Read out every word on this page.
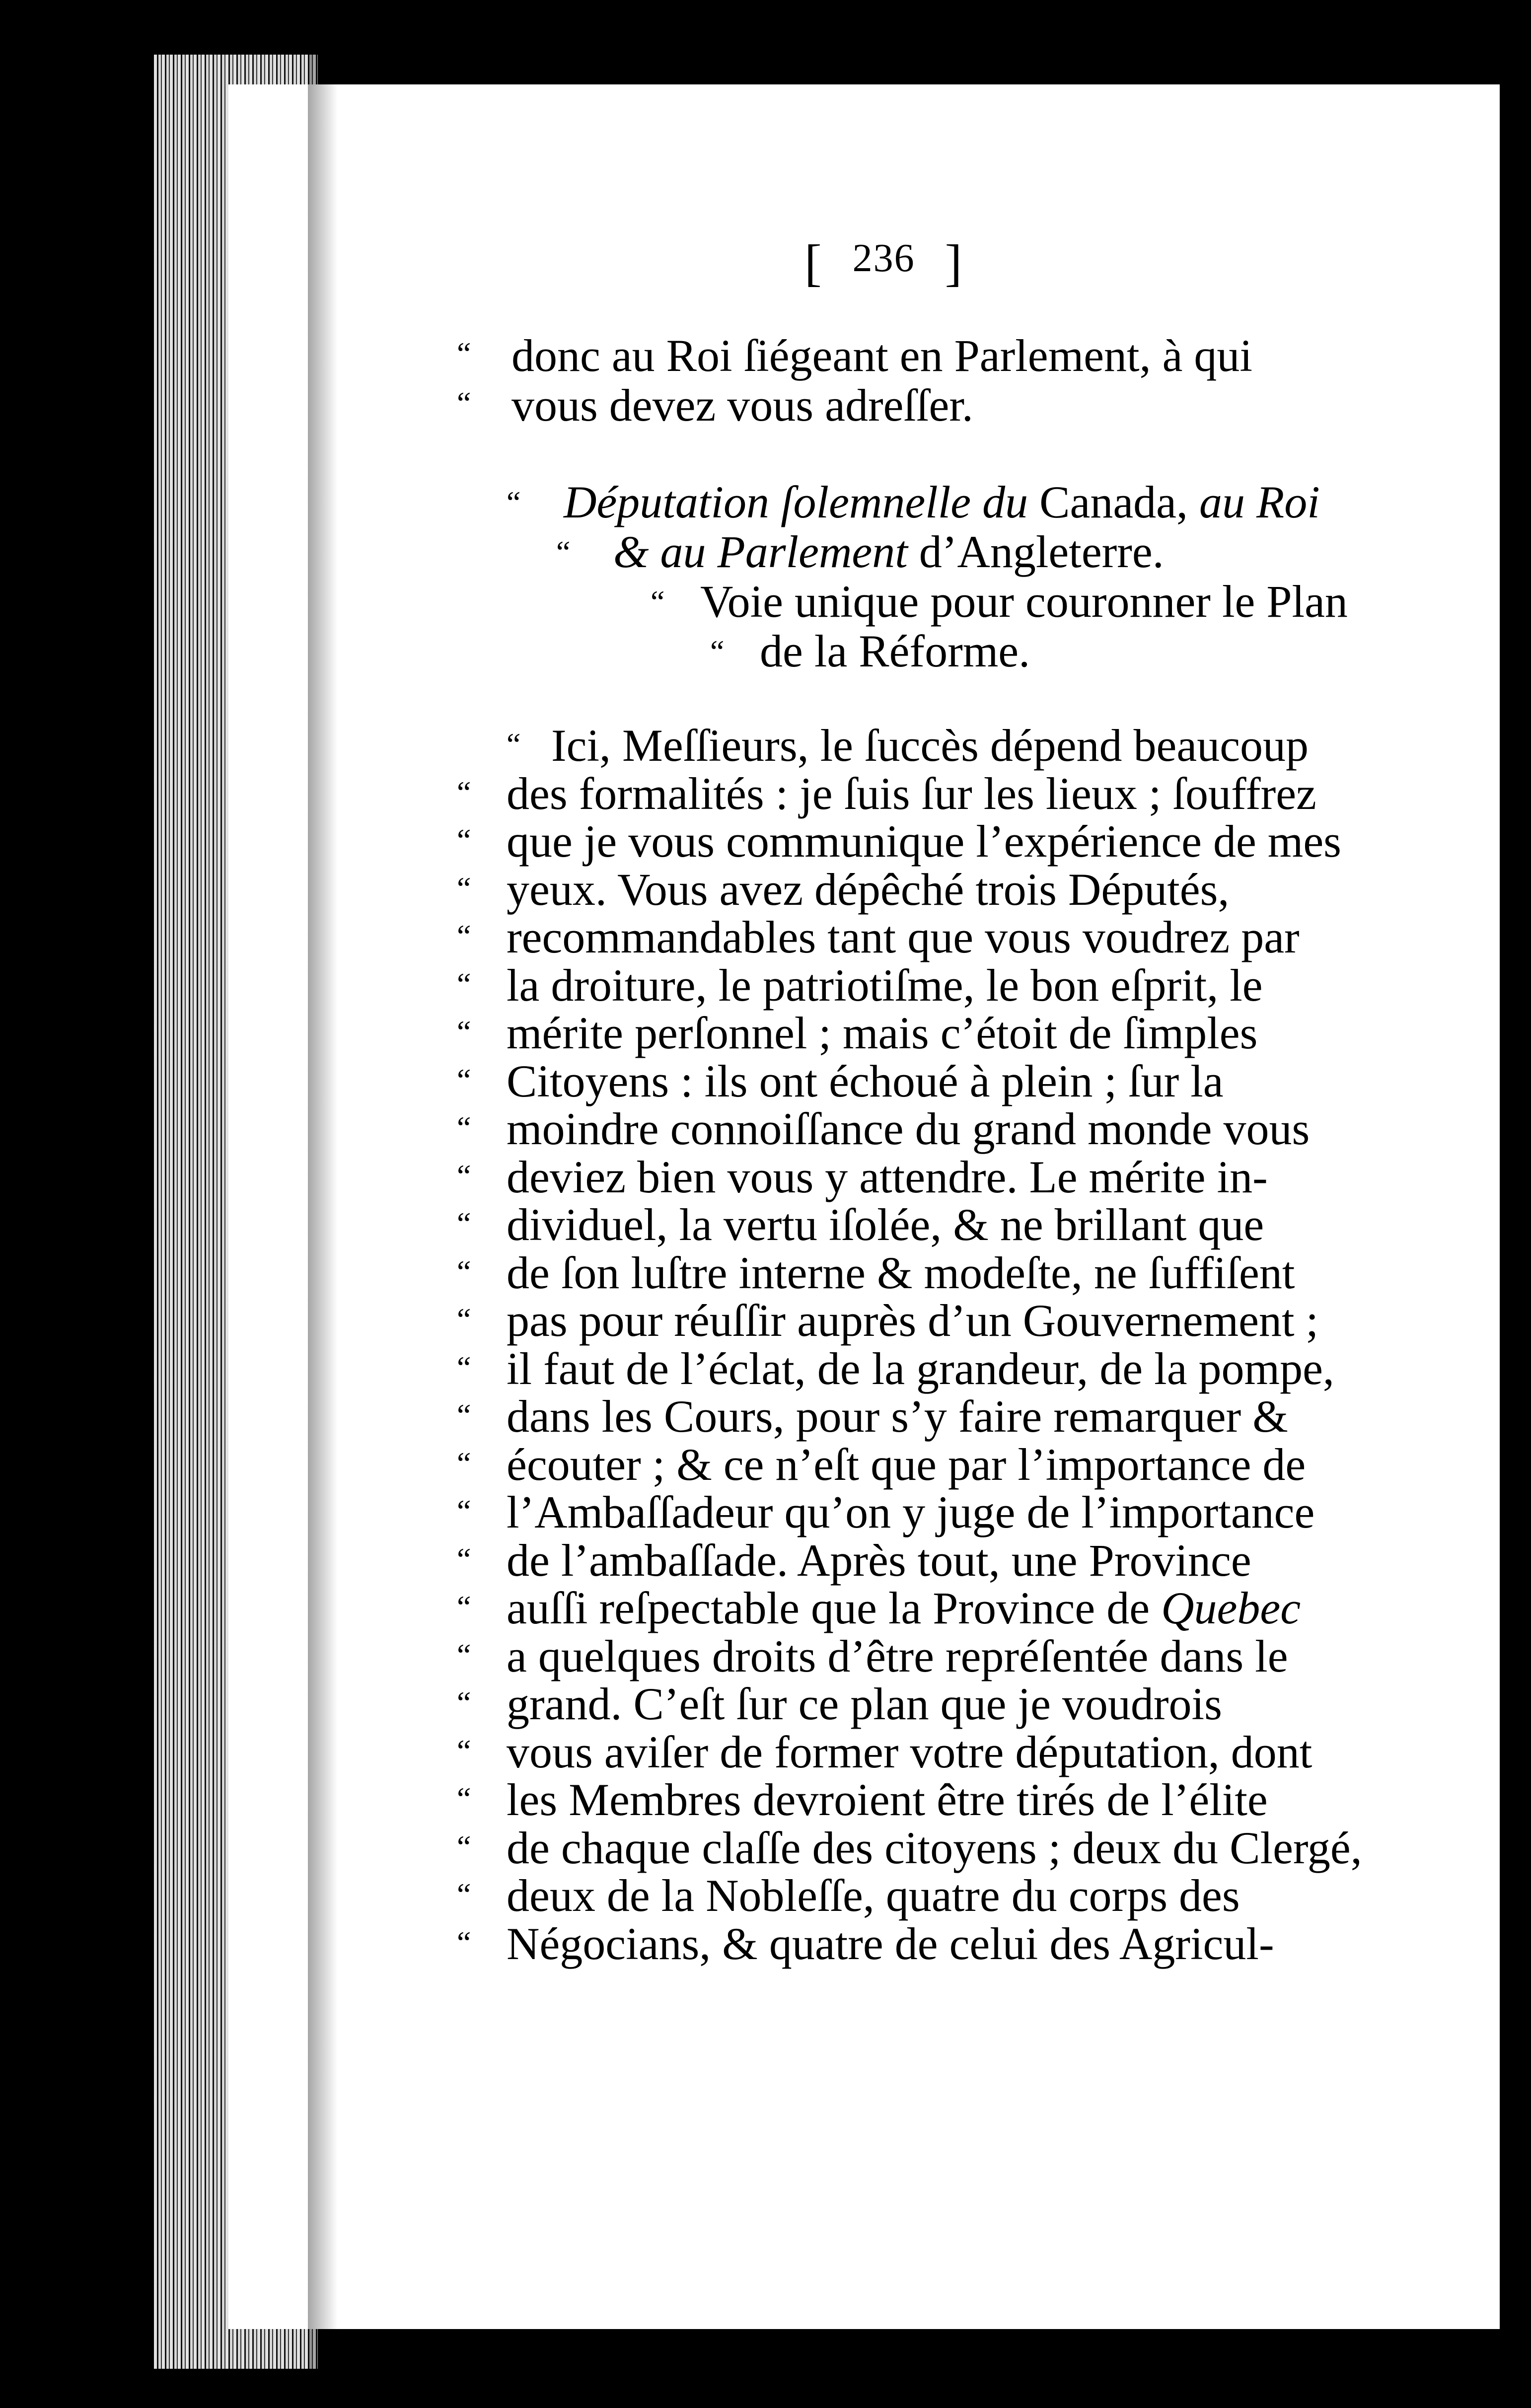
[ 236 ]
“ donc au Roi ſiégeant en Parlement, à qui
“ vous devez vous adreſſer.
“ Députation ſolemnelle du Canada, au Roi
“ & au Parlement d’Angleterre.
“ Voie unique pour couronner le Plan
“ de la Réforme.
“ Ici, Meſſieurs, le ſuccès dépend beaucoup
“ des formalités : je ſuis ſur les lieux ; ſouffrez
“ que je vous communique l’expérience de mes
“ yeux. Vous avez dépêché trois Députés,
“ recommandables tant que vous voudrez par
“ la droiture, le patriotiſme, le bon eſprit, le
“ mérite perſonnel ; mais c’étoit de ſimples
“ Citoyens : ils ont échoué à plein ; ſur la
“ moindre connoiſſance du grand monde vous
“ deviez bien vous y attendre. Le mérite in-
“ dividuel, la vertu iſolée, & ne brillant que
“ de ſon luſtre interne & modeſte, ne ſuffiſent
“ pas pour réuſſir auprès d’un Gouvernement ;
“ il faut de l’éclat, de la grandeur, de la pompe,
“ dans les Cours, pour s’y faire remarquer &
“ écouter ; & ce n’eſt que par l’importance de
“ l’Ambaſſadeur qu’on y juge de l’importance
“ de l’ambaſſade. Après tout, une Province
“ auſſi reſpectable que la Province de Quebec
“ a quelques droits d’être repréſentée dans le
“ grand. C’eſt ſur ce plan que je voudrois
“ vous aviſer de former votre députation, dont
“ les Membres devroient être tirés de l’élite
“ de chaque claſſe des citoyens ; deux du Clergé,
“ deux de la Nobleſſe, quatre du corps des
“ Négocians, & quatre de celui des Agricul-
